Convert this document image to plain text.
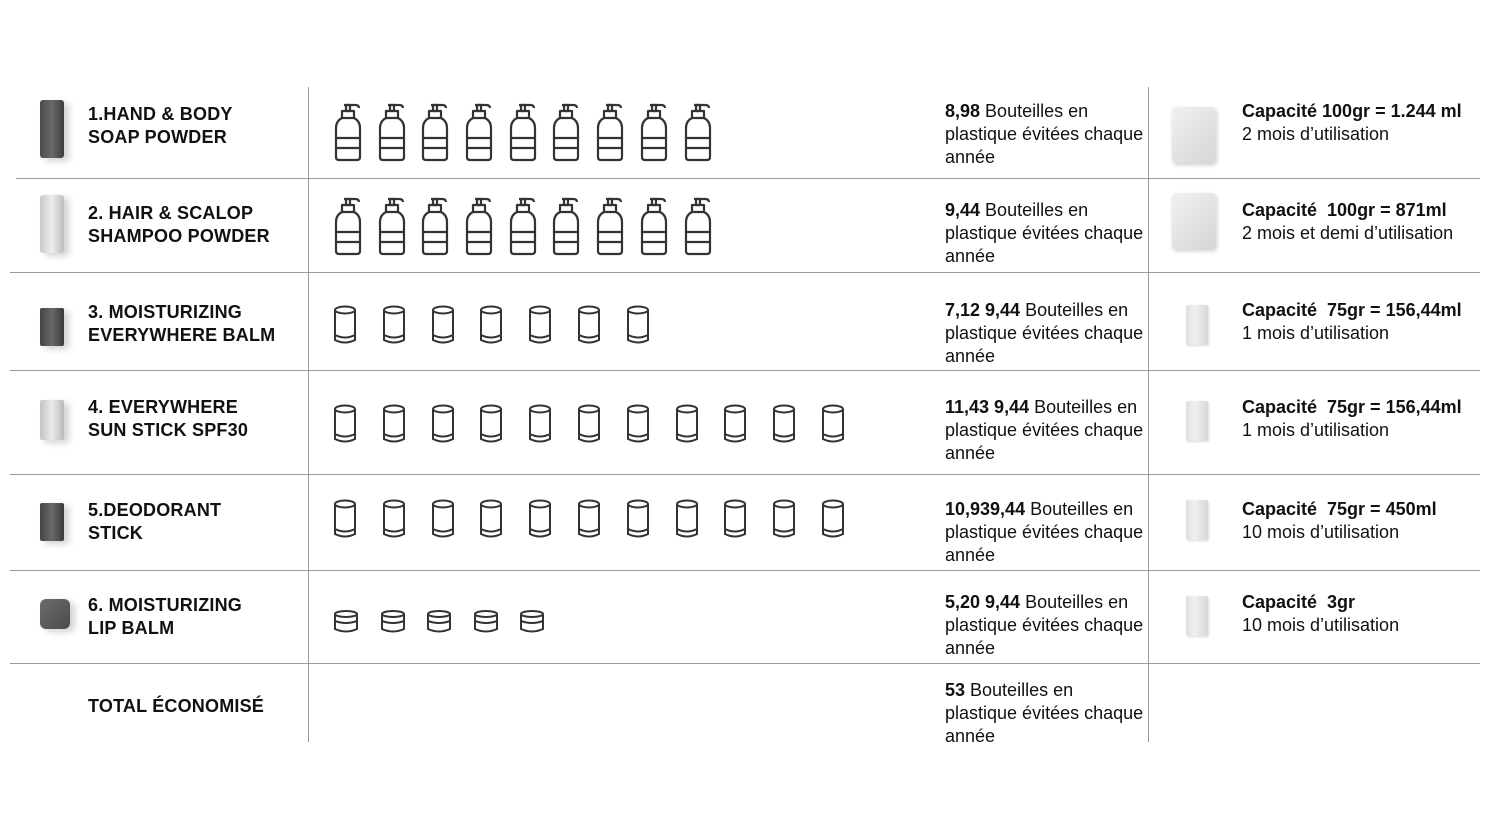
1.HAND & BODY
SOAP POWDER
8,98 Bouteilles en plastique évitées chaque année
Capacité 100gr = 1.244 ml
2 mois d’utilisation
2. HAIR & SCALOP
SHAMPOO POWDER
9,44 Bouteilles en plastique évitées chaque année
Capacité  100gr = 871ml
2 mois et demi d’utilisation
3. MOISTURIZING
EVERYWHERE BALM
7,12 9,44 Bouteilles en plastique évitées chaque année
Capacité  75gr = 156,44ml
1 mois d’utilisation
4. EVERYWHERE
SUN STICK SPF30
11,43 9,44 Bouteilles en plastique évitées chaque année
Capacité  75gr = 156,44ml
1 mois d’utilisation
5.DEODORANT
STICK
10,939,44 Bouteilles en plastique évitées chaque année
Capacité  75gr = 450ml
10 mois d’utilisation
6. MOISTURIZING
LIP BALM
5,20 9,44 Bouteilles en plastique évitées chaque année
Capacité  3gr
10 mois d’utilisation
TOTAL ÉCONOMISÉ
53 Bouteilles en plastique évitées chaque année
